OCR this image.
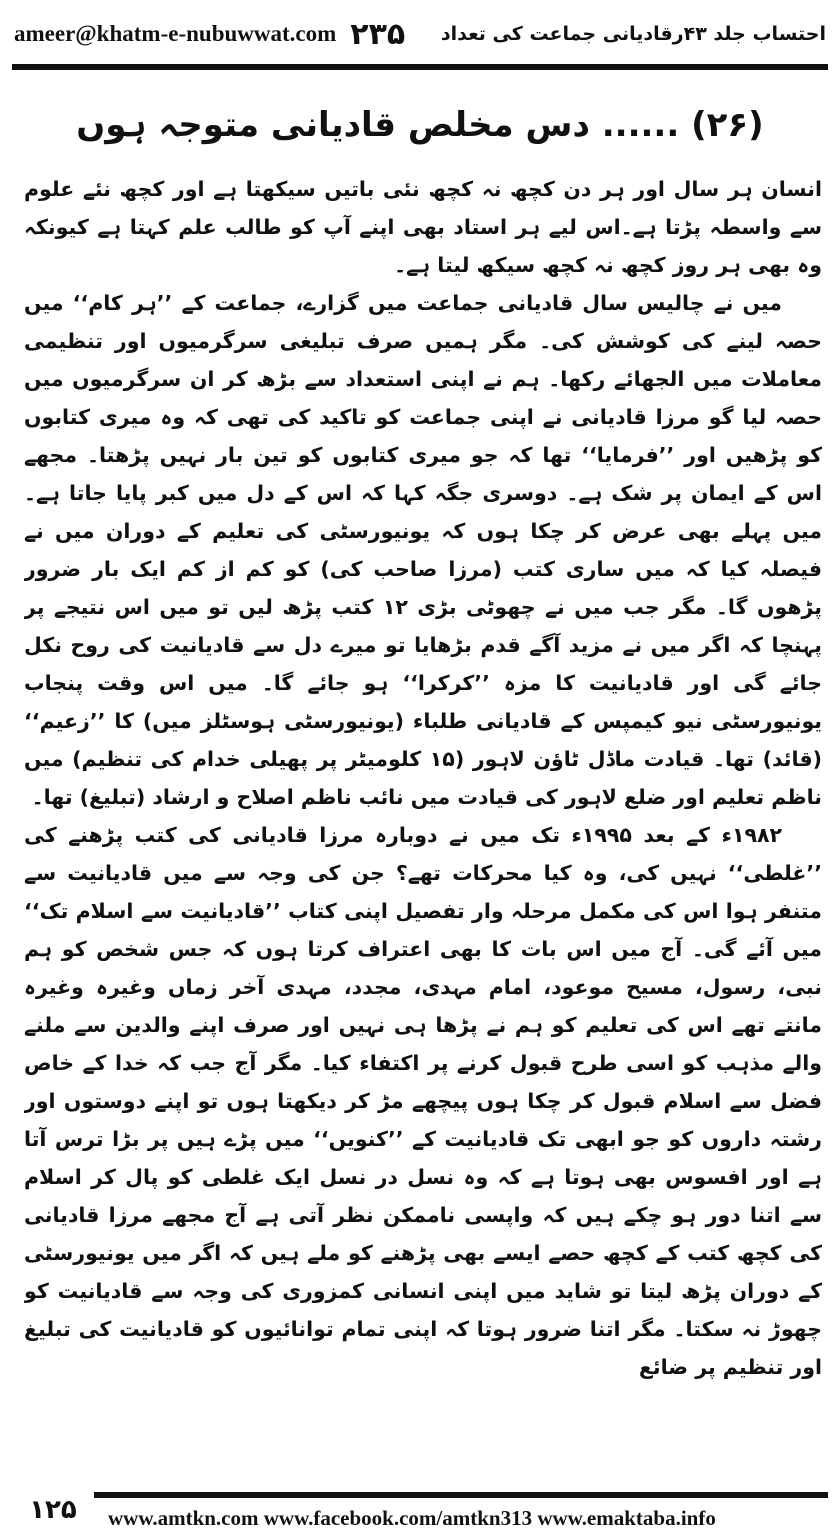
ameer@khatm-e-nubuwwat.com ۲۳۵ احتساب جلد ۴۳رقادیانی جماعت کی تعداد
(۲۶) ...... دس مخلص قادیانی متوجہ ہوں

انسان ہر سال اور ہر دن کچھ نہ کچھ نئی باتیں سیکھتا ہے اور کچھ نئے علوم سے واسطہ پڑتا ہے۔اس لیے ہر استاد بھی اپنے آپ کو طالب علم کہتا ہے کیونکہ وہ بھی ہر روز کچھ نہ کچھ سیکھ لیتا ہے۔

میں نے چالیس سال قادیانی جماعت میں گزارے، جماعت کے ’’ہر کام‘‘ میں حصہ لینے کی کوشش کی۔ مگر ہمیں صرف تبلیغی سرگرمیوں اور تنظیمی معاملات میں الجھائے رکھا۔ ہم نے اپنی استعداد سے بڑھ کر ان سرگرمیوں میں حصہ لیا گو مرزا قادیانی نے اپنی جماعت کو تاکید کی تھی کہ وہ میری کتابوں کو پڑھیں اور ’’فرمایا‘‘ تھا کہ جو میری کتابوں کو تین بار نہیں پڑھتا۔ مجھے اس کے ایمان پر شک ہے۔ دوسری جگہ کہا کہ اس کے دل میں کبر پایا جاتا ہے۔ میں پہلے بھی عرض کر چکا ہوں کہ یونیورسٹی کی تعلیم کے دوران میں نے فیصلہ کیا کہ میں ساری کتب (مرزا صاحب کی) کو کم از کم ایک بار ضرور پڑھوں گا۔ مگر جب میں نے چھوٹی بڑی ۱۲ کتب پڑھ لیں تو میں اس نتیجے پر پہنچا کہ اگر میں نے مزید آگے قدم بڑھایا تو میرے دل سے قادیانیت کی روح نکل جائے گی اور قادیانیت کا مزہ ’’کرکرا‘‘ ہو جائے گا۔ میں اس وقت پنجاب یونیورسٹی نیو کیمپس کے قادیانی طلباء (یونیورسٹی ہوسٹلز میں) کا ’’زعیم‘‘ (قائد) تھا۔ قیادت ماڈل ٹاؤن لاہور (۱۵ کلومیٹر پر پھیلی خدام کی تنظیم) میں ناظم تعلیم اور ضلع لاہور کی قیادت میں نائب ناظم اصلاح و ارشاد (تبلیغ) تھا۔

۱۹۸۲ء کے بعد ۱۹۹۵ء تک میں نے دوبارہ مرزا قادیانی کی کتب پڑھنے کی ’’غلطی‘‘ نہیں کی، وہ کیا محرکات تھے؟ جن کی وجہ سے میں قادیانیت سے متنفر ہوا اس کی مکمل مرحلہ وار تفصیل اپنی کتاب ’’قادیانیت سے اسلام تک‘‘ میں آئے گی۔ آج میں اس بات کا بھی اعتراف کرتا ہوں کہ جس شخص کو ہم نبی، رسول، مسیح موعود، امام مہدی، مجدد، مہدی آخر زماں وغیرہ وغیرہ مانتے تھے اس کی تعلیم کو ہم نے پڑھا ہی نہیں اور صرف اپنے والدین سے ملنے والے مذہب کو اسی طرح قبول کرنے پر اکتفاء کیا۔ مگر آج جب کہ خدا کے خاص فضل سے اسلام قبول کر چکا ہوں پیچھے مڑ کر دیکھتا ہوں تو اپنے دوستوں اور رشتہ داروں کو جو ابھی تک قادیانیت کے ’’کنویں‘‘ میں پڑے ہیں پر بڑا ترس آتا ہے اور افسوس بھی ہوتا ہے کہ وہ نسل در نسل ایک غلطی کو پال کر اسلام سے اتنا دور ہو چکے ہیں کہ واپسی ناممکن نظر آتی ہے آج مجھے مرزا قادیانی کی کچھ کتب کے کچھ حصے ایسے بھی پڑھنے کو ملے ہیں کہ اگر میں یونیورسٹی کے دوران پڑھ لیتا تو شاید میں اپنی انسانی کمزوری کی وجہ سے قادیانیت کو چھوڑ نہ سکتا۔ مگر اتنا ضرور ہوتا کہ اپنی تمام توانائیوں کو قادیانیت کی تبلیغ اور تنظیم پر ضائع

۱۲۵	www.amtkn.com www.facebook.com/amtkn313 www.emaktaba.info
